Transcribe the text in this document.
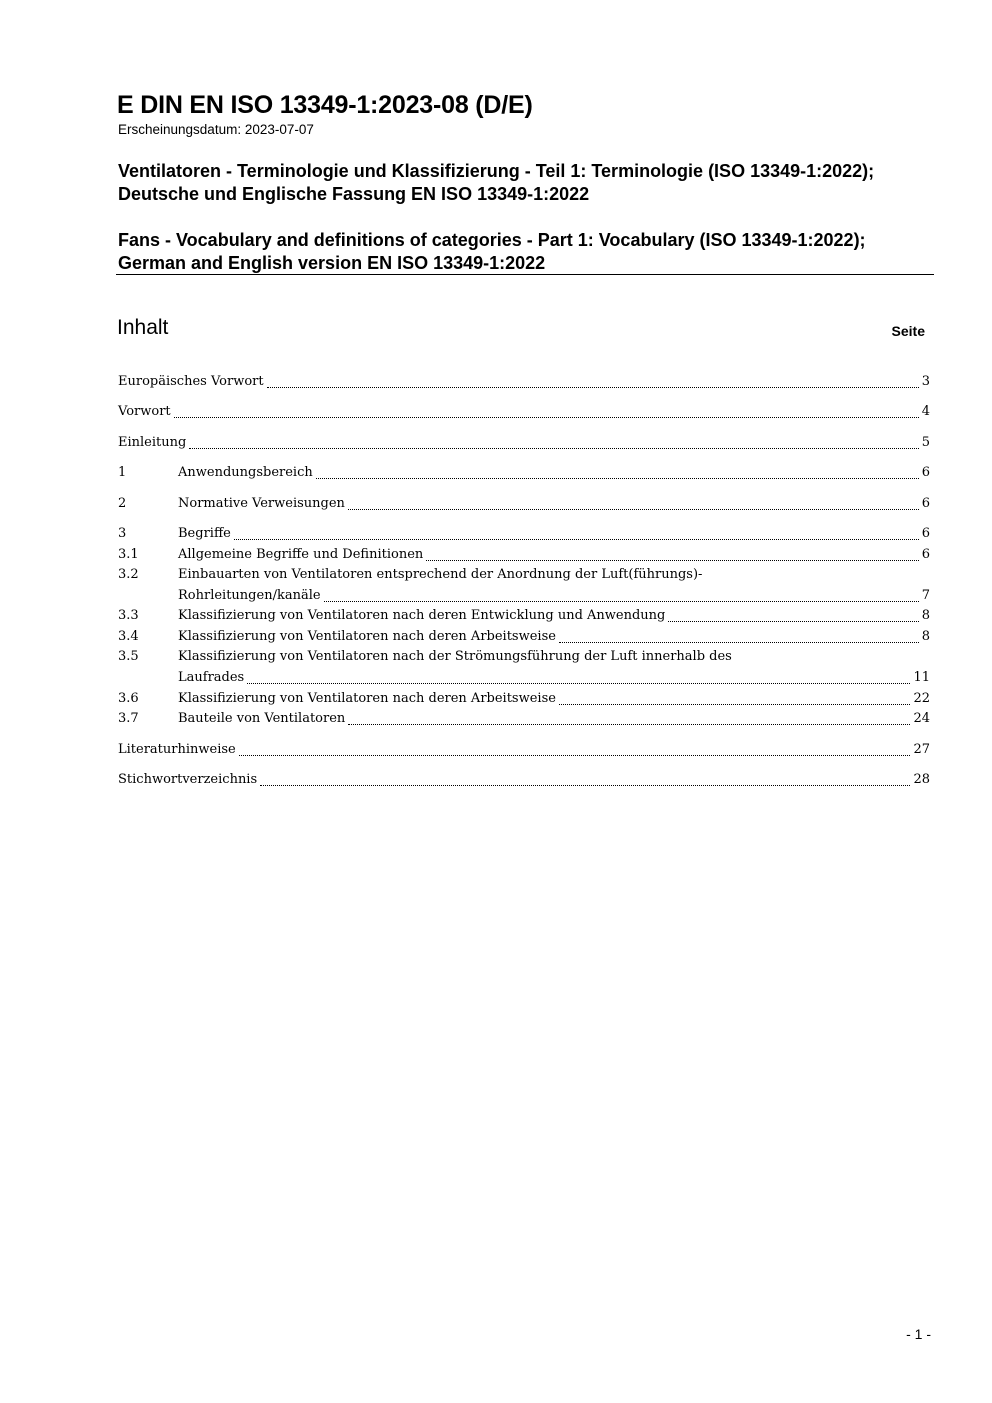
E DIN EN ISO 13349-1:2023-08 (D/E)
Erscheinungsdatum: 2023-07-07
Ventilatoren - Terminologie und Klassifizierung - Teil 1: Terminologie (ISO 13349-1:2022); Deutsche und Englische Fassung EN ISO 13349-1:2022
Fans - Vocabulary and definitions of categories - Part 1: Vocabulary (ISO 13349-1:2022); German and English version EN ISO 13349-1:2022
Inhalt	Seite
Europäisches Vorwort	3
Vorwort	4
Einleitung	5
1	Anwendungsbereich	6
2	Normative Verweisungen	6
3	Begriffe	6
3.1	Allgemeine Begriffe und Definitionen	6
3.2	Einbauarten von Ventilatoren entsprechend der Anordnung der Luft(führungs)-
Rohrleitungen/kanäle	7
3.3	Klassifizierung von Ventilatoren nach deren Entwicklung und Anwendung	8
3.4	Klassifizierung von Ventilatoren nach deren Arbeitsweise	8
3.5	Klassifizierung von Ventilatoren nach der Strömungsführung der Luft innerhalb des
Laufrades	11
3.6	Klassifizierung von Ventilatoren nach deren Arbeitsweise	22
3.7	Bauteile von Ventilatoren	24
Literaturhinweise	27
Stichwortverzeichnis	28
- 1 -
